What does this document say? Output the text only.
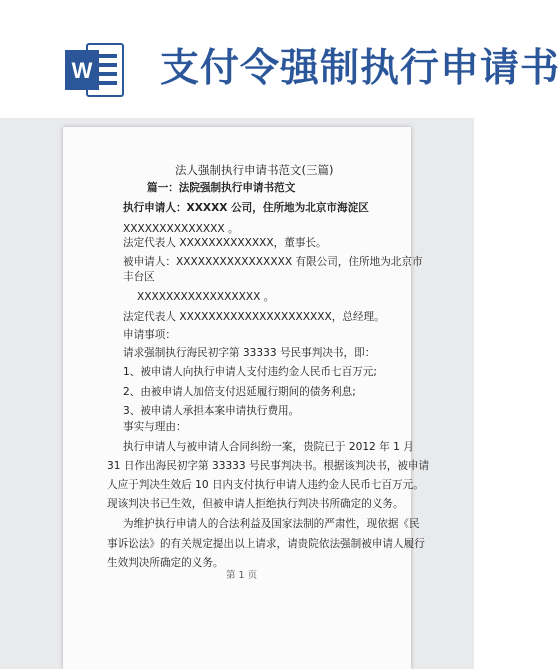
W 支付令强制执行申请书
法人强制执行申请书范文(三篇)
篇一：法院强制执行申请书范文
执行申请人：XXXXX 公司，住所地为北京市海淀区
XXXXXXXXXXXXXX 。
法定代表人 XXXXXXXXXXXXX，董事长。
被申请人：XXXXXXXXXXXXXXXX 有限公司，住所地为北京市
丰台区
XXXXXXXXXXXXXXXXX 。
法定代表人 XXXXXXXXXXXXXXXXXXXXX，总经理。
申请事项：
请求强制执行海民初字第 33333 号民事判决书，即：
1、被申请人向执行申请人支付违约金人民币七百万元;
2、由被申请人加倍支付迟延履行期间的债务利息;
3、被申请人承担本案申请执行费用。
事实与理由：
执行申请人与被申请人合同纠纷一案，贵院已于 2012 年 1 月
31 日作出海民初字第 33333 号民事判决书。根据该判决书，被申请
人应于判决生效后 10 日内支付执行申请人违约金人民币七百万元。
现该判决书已生效，但被申请人拒绝执行判决书所确定的义务。
为维护执行申请人的合法利益及国家法制的严肃性，现依据《民
事诉讼法》的有关规定提出以上请求，请贵院依法强制被申请人履行
生效判决所确定的义务。
第 1 页
